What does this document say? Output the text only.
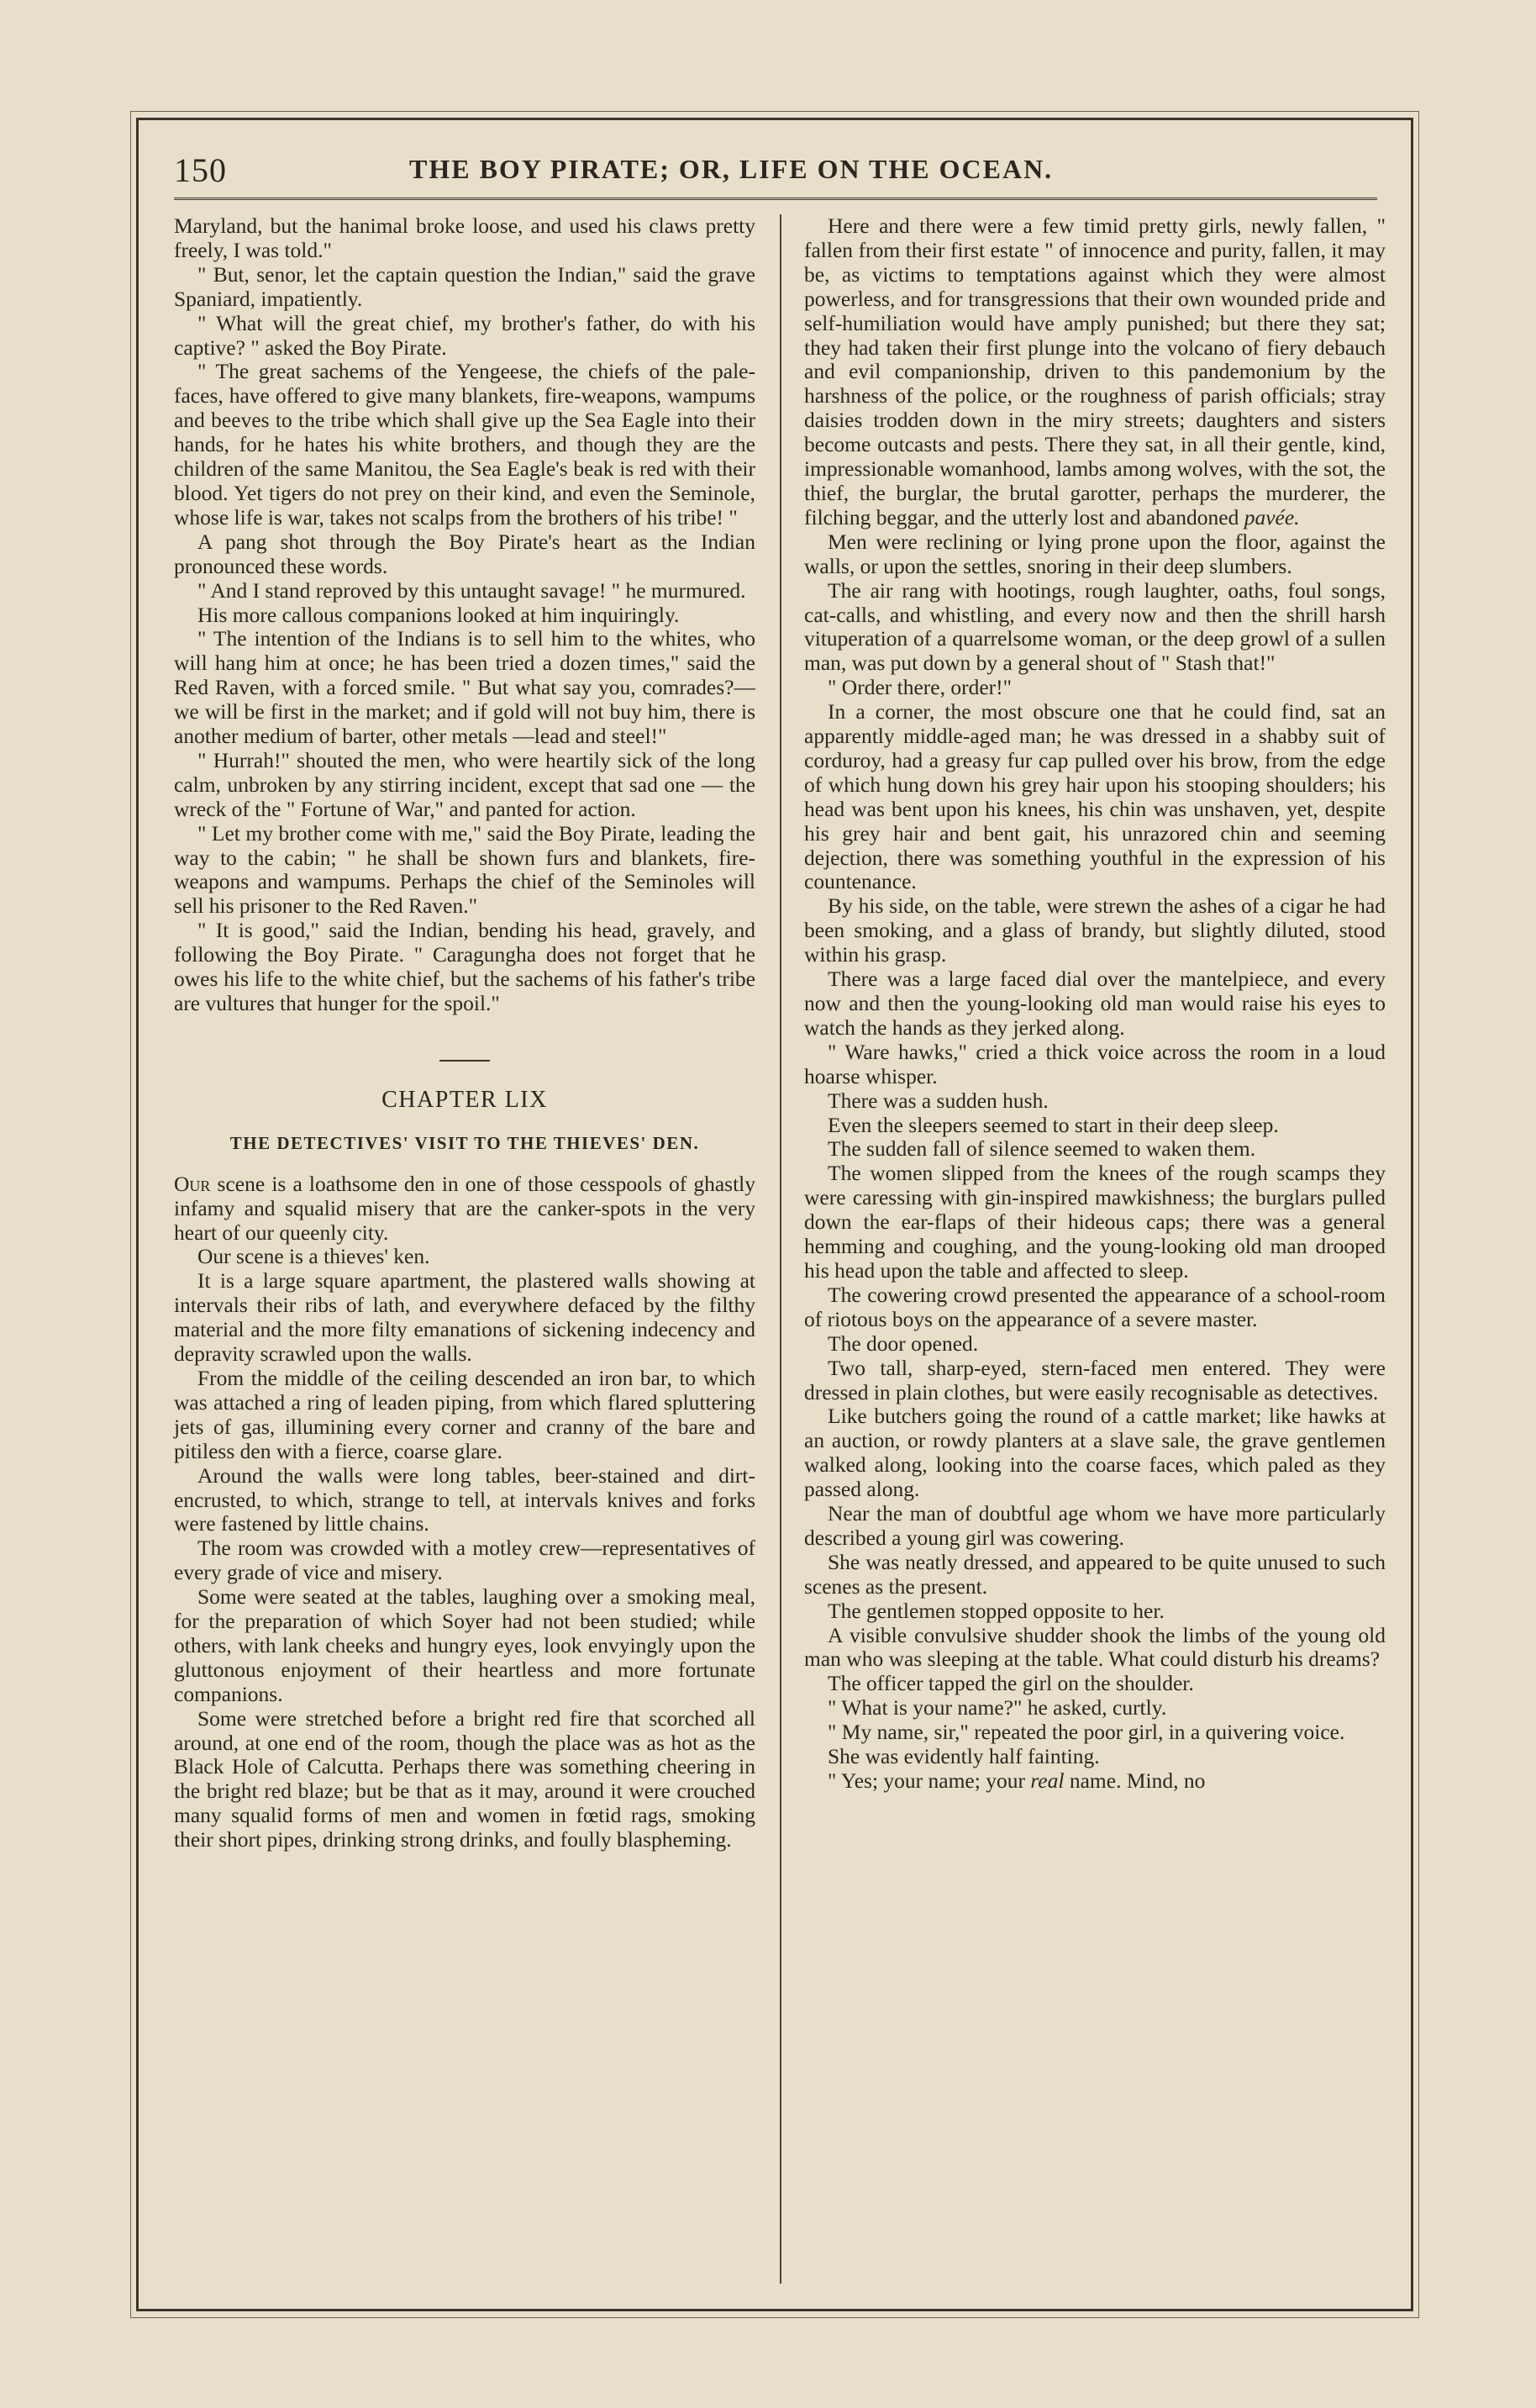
150	THE BOY PIRATE; OR, LIFE ON THE OCEAN.

Maryland, but the hanimal broke loose, and used his claws pretty freely, I was told."

" But, senor, let the captain question the Indian," said the grave Spaniard, impatiently.

" What will the great chief, my brother's father, do with his captive? " asked the Boy Pirate.

" The great sachems of the Yengeese, the chiefs of the pale-faces, have offered to give many blankets, fire-weapons, wampums and beeves to the tribe which shall give up the Sea Eagle into their hands, for he hates his white brothers, and though they are the children of the same Manitou, the Sea Eagle's beak is red with their blood. Yet tigers do not prey on their kind, and even the Seminole, whose life is war, takes not scalps from the brothers of his tribe! "

A pang shot through the Boy Pirate's heart as the Indian pronounced these words.

" And I stand reproved by this untaught savage! " he murmured.

His more callous companions looked at him inquiringly.

" The intention of the Indians is to sell him to the whites, who will hang him at once; he has been tried a dozen times," said the Red Raven, with a forced smile. " But what say you, comrades?—we will be first in the market; and if gold will not buy him, there is another medium of barter, other metals —lead and steel!"

" Hurrah!" shouted the men, who were heartily sick of the long calm, unbroken by any stirring incident, except that sad one — the wreck of the " Fortune of War," and panted for action.

" Let my brother come with me," said the Boy Pirate, leading the way to the cabin; " he shall be shown furs and blankets, fire-weapons and wampums. Perhaps the chief of the Seminoles will sell his prisoner to the Red Raven."

" It is good," said the Indian, bending his head, gravely, and following the Boy Pirate. " Caragungha does not forget that he owes his life to the white chief, but the sachems of his father's tribe are vultures that hunger for the spoil."

CHAPTER LIX
THE DETECTIVES' VISIT TO THE THIEVES' DEN.

Our scene is a loathsome den in one of those cesspools of ghastly infamy and squalid misery that are the canker-spots in the very heart of our queenly city.

Our scene is a thieves' ken.

It is a large square apartment, the plastered walls showing at intervals their ribs of lath, and everywhere defaced by the filthy material and the more filty emanations of sickening indecency and depravity scrawled upon the walls.

From the middle of the ceiling descended an iron bar, to which was attached a ring of leaden piping, from which flared spluttering jets of gas, illumining every corner and cranny of the bare and pitiless den with a fierce, coarse glare.

Around the walls were long tables, beer-stained and dirt-encrusted, to which, strange to tell, at intervals knives and forks were fastened by little chains.

The room was crowded with a motley crew—representatives of every grade of vice and misery.

Some were seated at the tables, laughing over a smoking meal, for the preparation of which Soyer had not been studied; while others, with lank cheeks and hungry eyes, look envyingly upon the gluttonous enjoyment of their heartless and more fortunate companions.

Some were stretched before a bright red fire that scorched all around, at one end of the room, though the place was as hot as the Black Hole of Calcutta. Perhaps there was something cheering in the bright red blaze; but be that as it may, around it were crouched many squalid forms of men and women in fœtid rags, smoking their short pipes, drinking strong drinks, and foully blaspheming.

Here and there were a few timid pretty girls, newly fallen, " fallen from their first estate " of innocence and purity, fallen, it may be, as victims to temptations against which they were almost powerless, and for transgressions that their own wounded pride and self-humiliation would have amply punished; but there they sat; they had taken their first plunge into the volcano of fiery debauch and evil companionship, driven to this pandemonium by the harshness of the police, or the roughness of parish officials; stray daisies trodden down in the miry streets; daughters and sisters become outcasts and pests. There they sat, in all their gentle, kind, impressionable womanhood, lambs among wolves, with the sot, the thief, the burglar, the brutal garotter, perhaps the murderer, the filching beggar, and the utterly lost and abandoned pavée.

Men were reclining or lying prone upon the floor, against the walls, or upon the settles, snoring in their deep slumbers.

The air rang with hootings, rough laughter, oaths, foul songs, cat-calls, and whistling, and every now and then the shrill harsh vituperation of a quarrelsome woman, or the deep growl of a sullen man, was put down by a general shout of " Stash that!"

" Order there, order!"

In a corner, the most obscure one that he could find, sat an apparently middle-aged man; he was dressed in a shabby suit of corduroy, had a greasy fur cap pulled over his brow, from the edge of which hung down his grey hair upon his stooping shoulders; his head was bent upon his knees, his chin was unshaven, yet, despite his grey hair and bent gait, his unrazored chin and seeming dejection, there was something youthful in the expression of his countenance.

By his side, on the table, were strewn the ashes of a cigar he had been smoking, and a glass of brandy, but slightly diluted, stood within his grasp.

There was a large faced dial over the mantelpiece, and every now and then the young-looking old man would raise his eyes to watch the hands as they jerked along.

" Ware hawks," cried a thick voice across the room in a loud hoarse whisper.

There was a sudden hush.

Even the sleepers seemed to start in their deep sleep.

The sudden fall of silence seemed to waken them.

The women slipped from the knees of the rough scamps they were caressing with gin-inspired mawkishness; the burglars pulled down the ear-flaps of their hideous caps; there was a general hemming and coughing, and the young-looking old man drooped his head upon the table and affected to sleep.

The cowering crowd presented the appearance of a school-room of riotous boys on the appearance of a severe master.

The door opened.

Two tall, sharp-eyed, stern-faced men entered. They were dressed in plain clothes, but were easily recognisable as detectives.

Like butchers going the round of a cattle market; like hawks at an auction, or rowdy planters at a slave sale, the grave gentlemen walked along, looking into the coarse faces, which paled as they passed along.

Near the man of doubtful age whom we have more particularly described a young girl was cowering.

She was neatly dressed, and appeared to be quite unused to such scenes as the present.

The gentlemen stopped opposite to her.

A visible convulsive shudder shook the limbs of the young old man who was sleeping at the table. What could disturb his dreams?

The officer tapped the girl on the shoulder.

" What is your name?" he asked, curtly.

" My name, sir," repeated the poor girl, in a quivering voice.

She was evidently half fainting.

" Yes; your name; your real name. Mind, no
